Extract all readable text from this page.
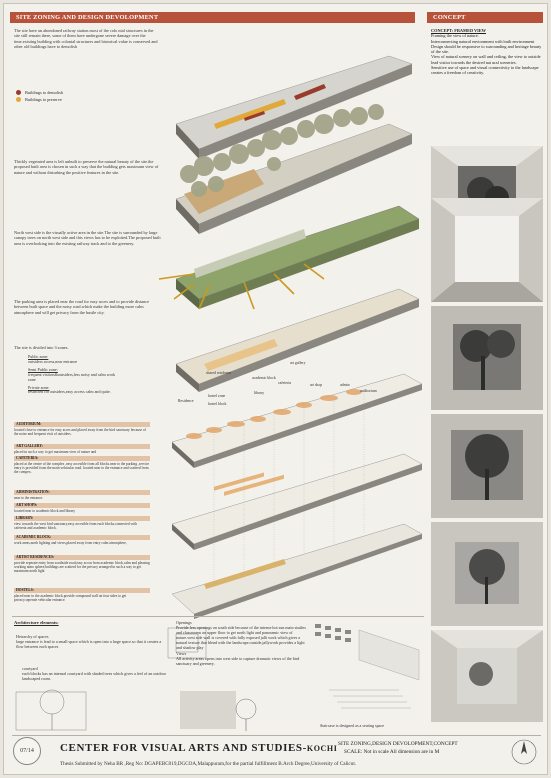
SITE ZONING AND DESIGN DEVOLOPMENT	CONCEPT
The site have an abondoned railway station.most of the colo nial structures in the site still remain there, some of them have undergone severe damage over the time.existing building with colonial structures and historical value is conserved and other old buildings have to demolish
Buildings to demolish
Buildings to preserve
Thickly vegetated area is left unbuilt to preserve the natural beauty of the site.the proposed built area is chosen in such a way that the building gets maximum view of nature and without disturbing the positive features in the site.
North west side is the visually active area in the site.The site is surrounded by large canopy trees on north west side and this views has to be exploited.The proposed built area is overlooking into the existing railway track and to the greenery.
The parking area is placed near the road for easy acces and to provide distance between built space and the noisy road.which make the building more calm atmosphere and will get privacy from the bustle city.
The site is divided into 3 zones.
Public zone:
outsiders access,near entrance
Semi Public zone:
frequent visitors&outsiders,less noisy and calm work zone
Private zone:
restricted for outsiders,easy access calm and quite.
AUDITORIUM:
located close to entrance for easy acces and placed away from the bird sanctuary because of the noise and frequent visit of outsiders.
ART GALLERY:
placed in such a way to get maximum view of nature and
CAFETERIA:
placed at the centre of the complex ,easy accesible from all blocks.near to the parking ,service entry is provided from the main vehicular road. located near to the entrance and scatterd from the compex.
ADMINISTRATION:
near to the entrance.
ART SHOPS:
located near to academic block and library
LIBRARY:
view towards the west bird sanctuary,easy accesible from each blocks,connected with cafeteria and academic block.
ACADEMIC BLOCK:
work areas,north lighting and views,placed away from entry calm atmosphere,
ARTIST RESIDENCES:
provide seperate entry from southside road,easy accsn from academic block,calm and pleasing working atmo sphere,buildings are scatterd for the privacy arranged in such a way to get maximum north light
HOSTELS:
placed near to the academic block.provide compound wall on four sides to get privacy.seperate vehicular entrance.
Residence
hostel zone
hostel block
shared residence
academic block
library
art gallery
cafeteria	art shop	admin
auditorium
CONCEPT: FRAMED VIEW
Framing the view of nature.
Interconnecting natural environment with built environment
Design should be responsive to surrounding and heritage beauty of the site.
View of natural scenery on wall and ceiling, the view to outside lead visitor towards the desired nat ural sceneries.
Sensitive use of space and visual connectivity to the landscape creates a freedom of creativity.
Architecture elements:
Heirarchy of spaces
large entrance is lead to a small space which is open into a large space.so that it creates a flow between each spaces
courtyard
each blocks has an internal courtyard with shaded trees which gives a feel of an outdoor landscaped room.
Openings
Provide less openings on south side because of the intense hot sun.main studies and classrooms on upper floor to get north light and panoramic view of nature.west side wall is covered with fully exposed jalli work which gives a natural texture that blend with the landscape.outside,jallywork provides a light and shadow play
Views
All activity areas opens into west side to capture dramatic views of the bird sanctuary and greenery.
Staircase is designed as a seating space
07/14	CENTER FOR VISUAL ARTS AND STUDIES-KOCHI
Thesis Submitted by Neha BR ,Reg No: DGAPEBC019,DGCOA,Malappuram,for the partial fulfillment B.Arch Degree,University of Calicut.
SITE ZONING,DESIGN DEVOLOPMENT,CONCEPT
SCALE: Not in scale All dimension are in M
